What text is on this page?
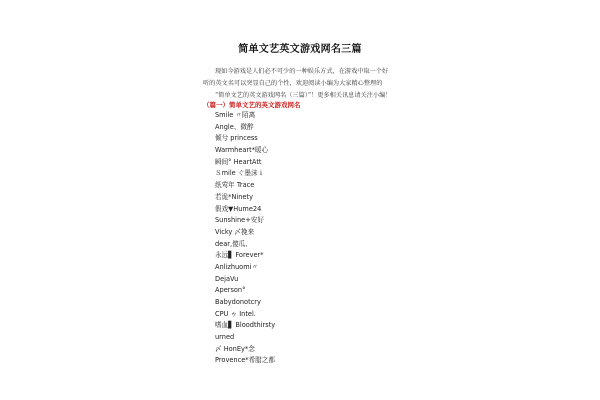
简单文艺英文游戏网名三篇

现如今游戏是人们必不可少的一种娱乐方式，在游戏中取一个好

听的英文名可以突显自己的个性，欢迎阅读小编为大家精心整理的

“简单文艺的英文游戏网名（三篇）”！更多相关讯息请关注小编！

（篇一）简单文艺的英文游戏网名
Smile 〃陌离
Angle、微醉
倾兮 princess
Warmheart*暖心
瞬间° HeartAtt
Ｓmile ぐ墨沫ｉ
纸莺年 Trace
若诡*Ninety
假戏▼Hume24
Sunshine+安好
Vicky 〆挽来
dear,傻瓜、
永远▋ Forever*
Anlizhuomi〃
DejaVu
Aperson°
Babydonotcry
CPU ゥ Intel.
嗜血▋ Bloodthirsty
urned
〆 HonEy*念
Provence*希腊之都
